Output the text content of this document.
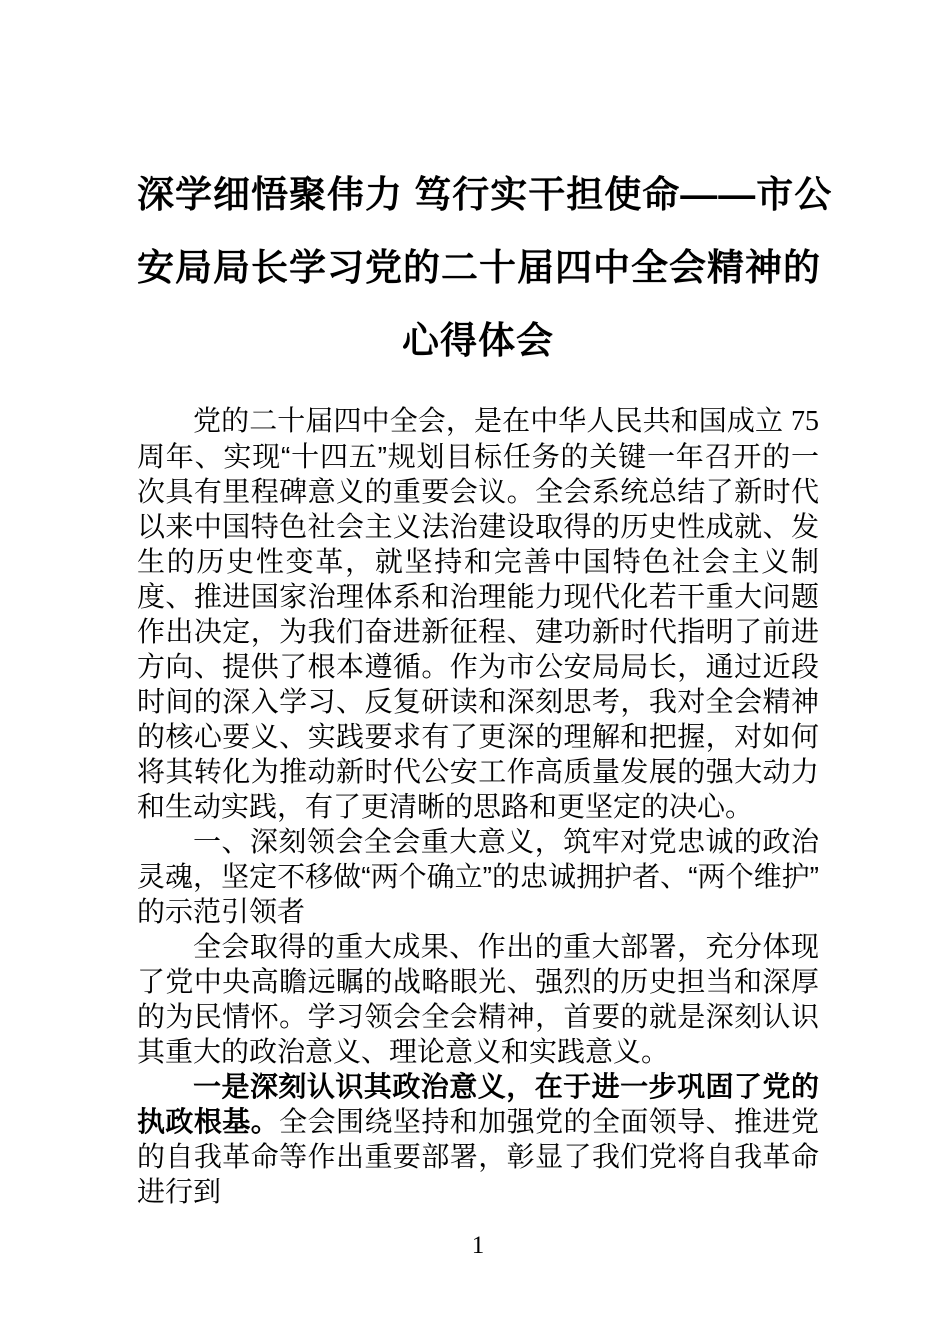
深学细悟聚伟力 笃行实干担使命——市公
安局局长学习党的二十届四中全会精神的
心得体会

党的二十届四中全会，是在中华人民共和国成立 75 周年、实现“十四五”规划目标任务的关键一年召开的一次具有里程碑意义的重要会议。全会系统总结了新时代以来中国特色社会主义法治建设取得的历史性成就、发生的历史性变革，就坚持和完善中国特色社会主义制度、推进国家治理体系和治理能力现代化若干重大问题作出决定，为我们奋进新征程、建功新时代指明了前进方向、提供了根本遵循。作为市公安局局长，通过近段时间的深入学习、反复研读和深刻思考，我对全会精神的核心要义、实践要求有了更深的理解和把握，对如何将其转化为推动新时代公安工作高质量发展的强大动力和生动实践，有了更清晰的思路和更坚定的决心。

一、深刻领会全会重大意义，筑牢对党忠诚的政治灵魂，坚定不移做“两个确立”的忠诚拥护者、“两个维护”的示范引领者

全会取得的重大成果、作出的重大部署，充分体现了党中央高瞻远瞩的战略眼光、强烈的历史担当和深厚的为民情怀。学习领会全会精神，首要的就是深刻认识其重大的政治意义、理论意义和实践意义。

一是深刻认识其政治意义，在于进一步巩固了党的执政根基。全会围绕坚持和加强党的全面领导、推进党的自我革命等作出重要部署，彰显了我们党将自我革命进行到

1
